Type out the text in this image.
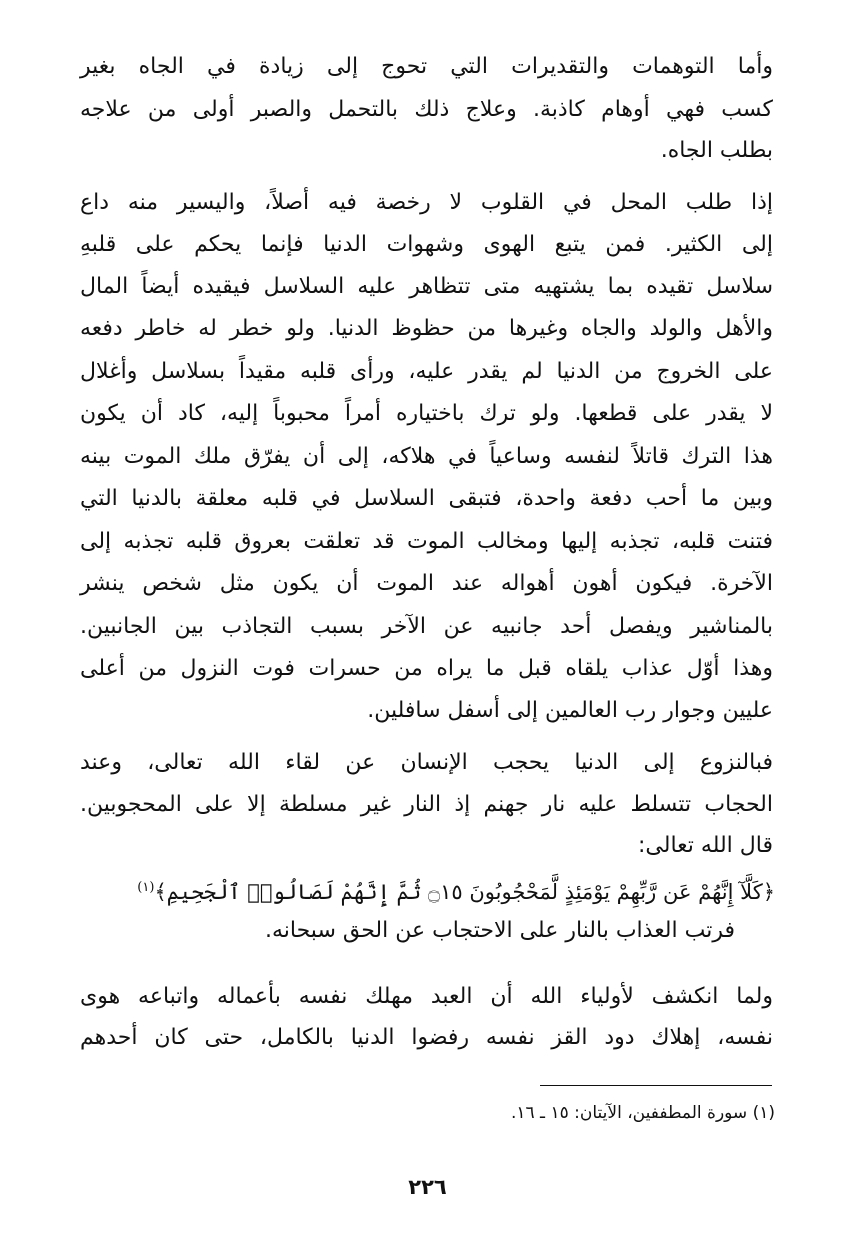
وأما التوهمات والتقديرات التي تحوج إلى زيادة في الجاه بغير
كسب فهي أوهام كاذبة. وعلاج ذلك بالتحمل والصبر أولى من علاجه
بطلب الجاه.
إذا طلب المحل في القلوب لا رخصة فيه أصلاً، واليسير منه داع
إلى الكثير. فمن يتبع الهوى وشهوات الدنيا فإنما يحكم على قلبهِ
سلاسل تقيده بما يشتهيه متى تتظاهر عليه السلاسل فيقيده أيضاً المال
والأهل والولد والجاه وغيرها من حظوظ الدنيا. ولو خطر له خاطر دفعه
على الخروج من الدنيا لم يقدر عليه، ورأى قلبه مقيداً بسلاسل وأغلال
لا يقدر على قطعها. ولو ترك باختياره أمراً محبوباً إليه، كاد أن يكون
هذا الترك قاتلاً لنفسه وساعياً في هلاكه، إلى أن يفرّق ملك الموت بينه
وبين ما أحب دفعة واحدة، فتبقى السلاسل في قلبه معلقة بالدنيا التي
فتنت قلبه، تجذبه إليها ومخالب الموت قد تعلقت بعروق قلبه تجذبه إلى
الآخرة. فيكون أهون أهواله عند الموت أن يكون مثل شخص ينشر
بالمناشير ويفصل أحد جانبيه عن الآخر بسبب التجاذب بين الجانبين.
وهذا أوّل عذاب يلقاه قبل ما يراه من حسرات فوت النزول من أعلى
عليين وجوار رب العالمين إلى أسفل سافلين.
فبالنزوع إلى الدنيا يحجب الإنسان عن لقاء الله تعالى، وعند
الحجاب تتسلط عليه نار جهنم إذ النار غير مسلطة إلا على المحجوبين.
قال الله تعالى:
﴿كَلَّآ إِنَّهُمْ عَن رَّبِّهِمْ يَوْمَئِذٍ لَّمَحْجُوبُونَ ۝١٥ ثُمَّ إِنَّهُمْ لَصَالُوا۟ ٱلْجَحِيمِ﴾$^{(١)}$
فرتب العذاب بالنار على الاحتجاب عن الحق سبحانه.
ولما انكشف لأولياء الله أن العبد مهلك نفسه بأعماله واتباعه هوى
نفسه، إهلاك دود القز نفسه رفضوا الدنيا بالكامل، حتى كان أحدهم
(١) سورة المطففين، الآيتان: ١٥ ـ ١٦.
٢٢٦
